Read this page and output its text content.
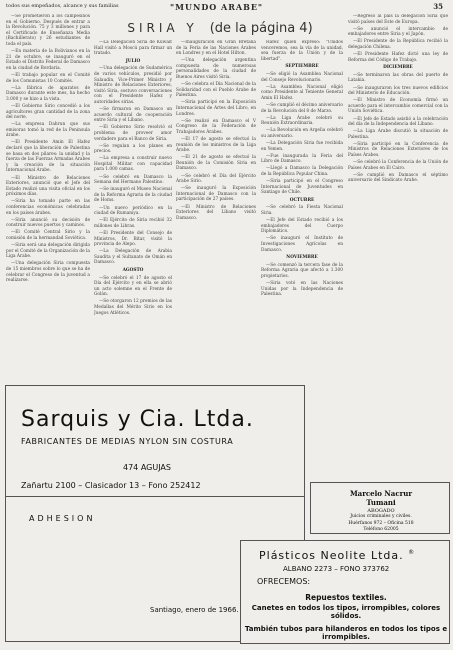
todos sus empeñados, alcance y sus familias	"MUNDO ARABE"	35
SIRIA Y (de la página 4)

—Se prometieron a los campesinos en el Gobierno. Después de entrar a la Revolución. 75 y 3 millones y para el Certificado de Enseñanza Media (Bachillerato) y 26 estudiantes de toda el país.

—En materia de la Bolivianos en la 21 de octubre, se inauguró en el Estado el Distrito Federal de Damasco en la ciudad de Bordaria.

—El trabajo popular en el Comité de los Comunistas 10 Comités.

—La fábrica de aparatos de Damasco durante este mes, ha hecho 3.000 y se hizo a la vista.

—El Gobierno Sirio concedió a los agricultores gran cantidad de la zona del norte.

—La empresa Dahrun que sus emisoras tomó la red de la Peninsula árabe.

—El Presidente Amin El Hafez declaró que la liberación de Palestina se basa en dos pilares: la unidad y la fuerza de las Fuerzas Armadas Árabes y la creación de la situación Internacional Árabe.

—El Ministro de Relaciones Exteriores, anunció que el Jefe del Estado realizó una visita oficial en los próximos días.

—Siria ha tomado parte en las conferencias económicas celebradas en los países árabes.

—Siria anunció su decisión de construir nuevos puertos y caminos.

—El Comité Central Sirio y la comisión de la hermandad Soviética.

—Siria será una delegación dirigida por el Comité de la Organización de la Liga Árabe.

—Una delegación Siria compuesta de 15 miembros sobre lo que se ha de celebrar el Congreso de la juventud a realizarse.

—La Delegación Siria de Kuwait Hall visitó a Moscú para firmar un tratado.

JULIO

—Una delegación de Sudamérica de varios vehículos, presidió por Salaudin, Vice-Primer Ministro y Ministro de Relaciones Exteriores, visitó Siria, sostuvo conversaciones con el Presidente Hafez y autoridades sirias.

—Se firmaron en Damasco un acuerdo cultural de cooperación entre Siria y el Líbano.

—El Gobierno Sirio resolvió el problema de proveer amor verdadero para el Banco de Siria.

—Se regulan a los planes en precios.

—La empresa a construir nuevo Hospital Militar con capacidad para 1.000 camas.

—Se celebró en Damasco la Semana del Hermano Palestino.

—Se inauguró el Museo Nacional de la Reforma Agraria de la ciudad de Homs.

—Un nuevo periódico en la ciudad de Rumaniya.

—El Ejército de Siria recibió 32 millones de Libras.

—El Presidente del Consejo de Ministros, Dr. Bitar, visitó la provincia de Alepo.

—La Delegación de Arabia Saudita y el Sultanato de Omán en Damasco.

AGOSTO

—Se celebró el 17 de agosto el Día del Ejército y en ella se abrió un acto solemne en el Frente de Golán.

—Se otorgaron 12 premios de las Medallas del Mérito Sirio en los Juegos Atléticos.

—Inauguración en Gran Bretaña de la Feria de las Naciones Árabes en Londres y en el Hotel Hilton.

—Una delegación argentina compuesta de numerosas personalidades de la ciudad de Buenos Aires visitó Siria.

—Se celebra el Día Nacional de la Solidaridad con el Pueblo Árabe de Palestina.

—Siria participó en la Exposición Internacional de Artes del Libro, en Londres.

—Se realizó en Damasco el V Congreso de la Federación de Trabajadores Árabes.

—El 17 de agosto se efectuó la reunión de los ministros de la Liga Árabe.

—El 21 de agosto se efectuó la Reunión de la Comisión Siria en Damasco.

—Se celebró el Día del Ejército Árabe Sirio.

—Se inauguró la Exposición Internacional de Damasco con la participación de 27 países.

—El Ministro de Relaciones Exteriores del Líbano visitó Damasco.

Hafez quien expresó: "Unidos venceremos, sea la vía de la unidad, sea fuerza de la Unión y de la libertad".

SEPTIEMBRE

—Se eligió la Asamblea Nacional del Consejo Revolucionario.

—La Asamblea Nacional eligió como Presidente al Teniente General Amin El Hafez.

—Se cumplió el décimo aniversario de la Revolución del 8 de Marzo.

—La Liga Árabe celebró su Reunión Extraordinaria.

—La Revolución en Argelia celebró su aniversario.

—La Delegación Siria fue recibida en Yemen.

—Fue inaugurada la Feria del Libro de Damasco.

—Llegó a Damasco la Delegación de la República Popular China.

—Siria participó en el Congreso Internacional de Juventudes en Santiago de Chile.

OCTUBRE

—Se celebró la Fiesta Nacional Siria.

—El Jefe del Estado recibió a los embajadores del Cuerpo Diplomático.

—Se inauguró el Instituto de Investigaciones Agrícolas en Damasco.

NOVIEMBRE

—Se comenzó la tercera fase de la Reforma Agraria que afectó a 1.300 propietarios.

—Siria votó en las Naciones Unidas por la Independencia de Palestina.

—Regresó al país la delegación Siria que visitó países del Este de Europa.

—Se anunció el intercambio de embajadores entre Siria y el Japón.

—El Presidente de la República recibió la delegación Chilena.

—El Presidente Hafez dictó una ley de Reforma del Código de Trabajo.

DICIEMBRE

—Se terminaron las obras del puerto de Latakia.

—Se inauguraron los tres nuevos edificios del Ministerio de Educación.

—El Ministro de Economía firmó un acuerdo para el intercambio comercial con la Unión Soviética.

—El Jefe de Estado asistió a la celebración del día de la Independencia del Líbano.

—La Liga Árabe discutió la situación de Palestina.

—Siria participó en la Conferencia de Ministros de Relaciones Exteriores de los Países Árabes.

—Se celebró la Conferencia de la Unión de Países Árabes en El Cairo.

—Se cumplió en Damasco el séptimo aniversario del Sindicato Árabe.

Sarquis y Cia. Ltda.
FABRICANTES DE MEDIAS NYLON SIN COSTURA
474 AGUJAS
Zañartu 2100 – Clasicador 13 – Fono 252412
ADHESION
Santiago, enero de 1966.
Marcelo Nacrur
Tumani
ABOGADO
Juicios criminales y civiles.
Huérfanos 972 – Oficina 518
Teléfono 62005
Plásticos Neolite Ltda. ®
ALBANO 2273 – FONO 373762
OFRECEMOS:
Repuestos textiles.
Canetes en todos los tipos, irrompibles, colores sólidos.
También tubos para hilanderos en todos los tipos e irrompibles.
